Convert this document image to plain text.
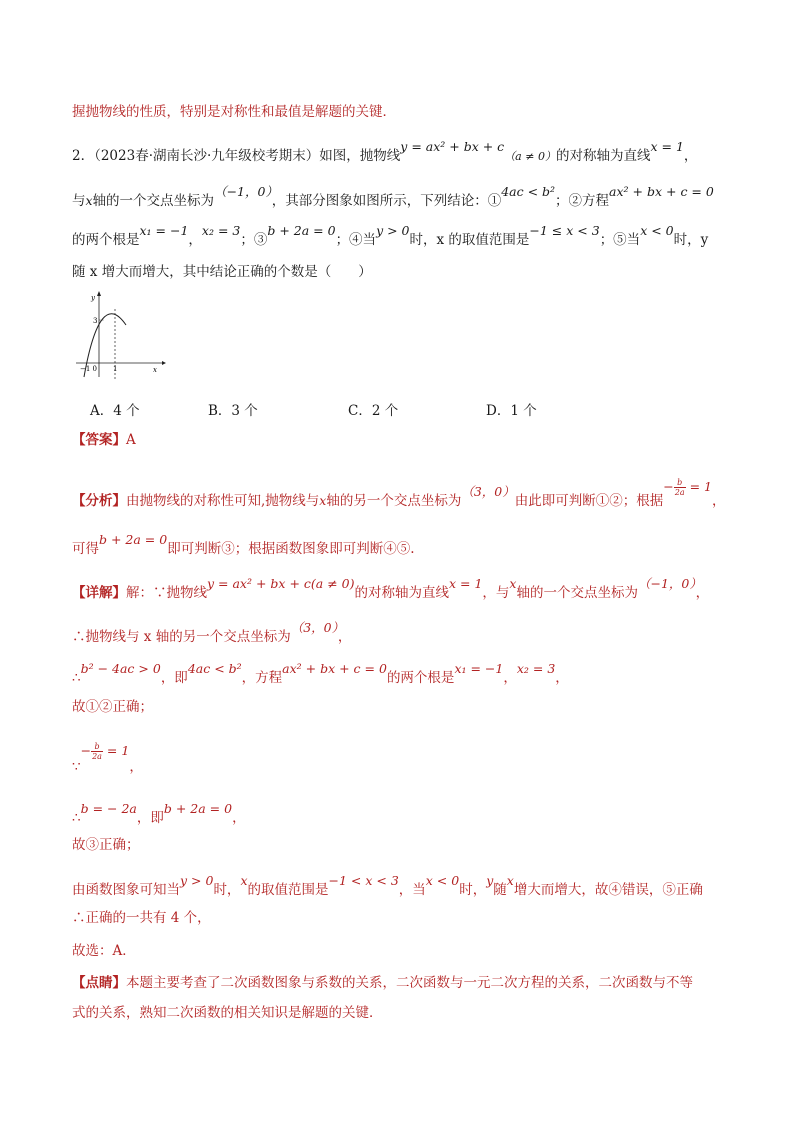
握抛物线的性质，特别是对称性和最值是解题的关键．
2．（2023春·湖南长沙·九年级校考期末）如图，抛物线y = ax² + bx + c（a ≠ 0）的对称轴为直线x = 1，
与x轴的一个交点坐标为（−1，0），其部分图象如图所示，下列结论：①4ac < b²；②方程ax² + bx + c = 0
的两个根是x₁ = −1，x₂ = 3；③b + 2a = 0；④当y > 0时，x 的取值范围是−1 ≤ x < 3；⑤当x < 0时，y
随 x 增大而增大，其中结论正确的个数是（　　）
y
x
3
−1 0 1
A．4 个	B．3 个	C．2 个	D．1 个
【答案】A
【分析】由抛物线的对称性可知,抛物线与x轴的另一个交点坐标为（3，0）由此即可判断①②；根据− $\frac{b}{2a} = 1$，
可得b + 2a = 0即可判断③；根据函数图象即可判断④⑤.
【详解】解：∵抛物线y = ax² + bx + c(a ≠ 0)的对称轴为直线x = 1，与x轴的一个交点坐标为（−1，0），
∴抛物线与 x 轴的另一个交点坐标为（3，0），
∴b² − 4ac > 0，即4ac < b²，方程ax² + bx + c = 0的两个根是x₁ = −1，x₂ = 3，
故①②正确；
∵− $\frac{b}{2a} = 1$，
∴b = − 2a，即b + 2a = 0，
故③正确；
由函数图象可知当y > 0时，x的取值范围是−1 < x < 3，当x < 0时，y随x增大而增大，故④错误，⑤正确
∴正确的一共有 4 个，
故选：A．
【点睛】本题主要考查了二次函数图象与系数的关系，二次函数与一元二次方程的关系，二次函数与不等
式的关系，熟知二次函数的相关知识是解题的关键．
